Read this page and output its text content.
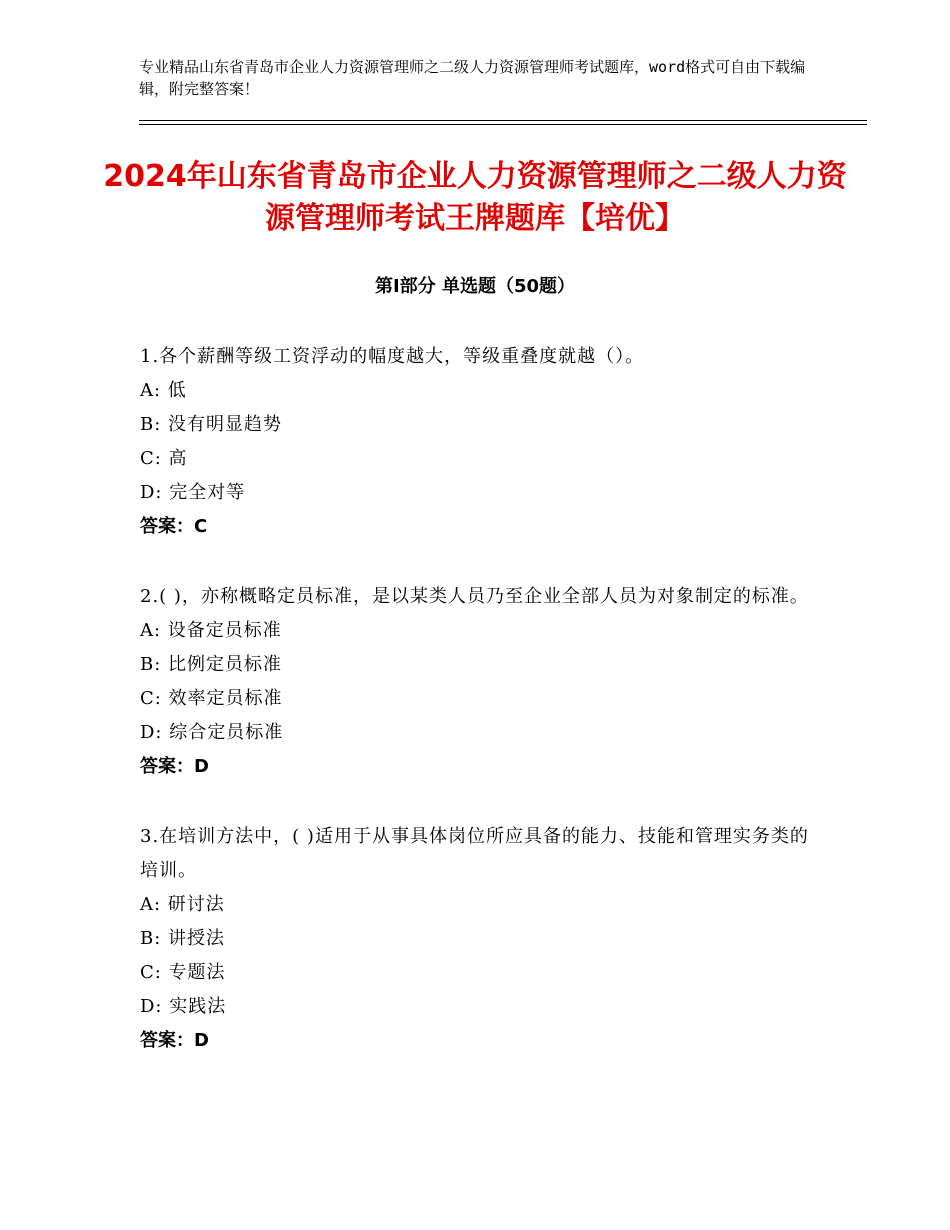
专业精品山东省青岛市企业人力资源管理师之二级人力资源管理师考试题库，word格式可自由下载编辑，附完整答案！
2024年山东省青岛市企业人力资源管理师之二级人力资源管理师考试王牌题库【培优】
第Ⅰ部分 单选题（50题）
1.各个薪酬等级工资浮动的幅度越大，等级重叠度就越（）。
A: 低
B: 没有明显趋势
C: 高
D: 完全对等
答案：C
2.( )，亦称概略定员标准，是以某类人员乃至企业全部人员为对象制定的标准。
A: 设备定员标准
B: 比例定员标准
C: 效率定员标准
D: 综合定员标准
答案：D
3.在培训方法中，( )适用于从事具体岗位所应具备的能力、技能和管理实务类的培训。
A: 研讨法
B: 讲授法
C: 专题法
D: 实践法
答案：D
